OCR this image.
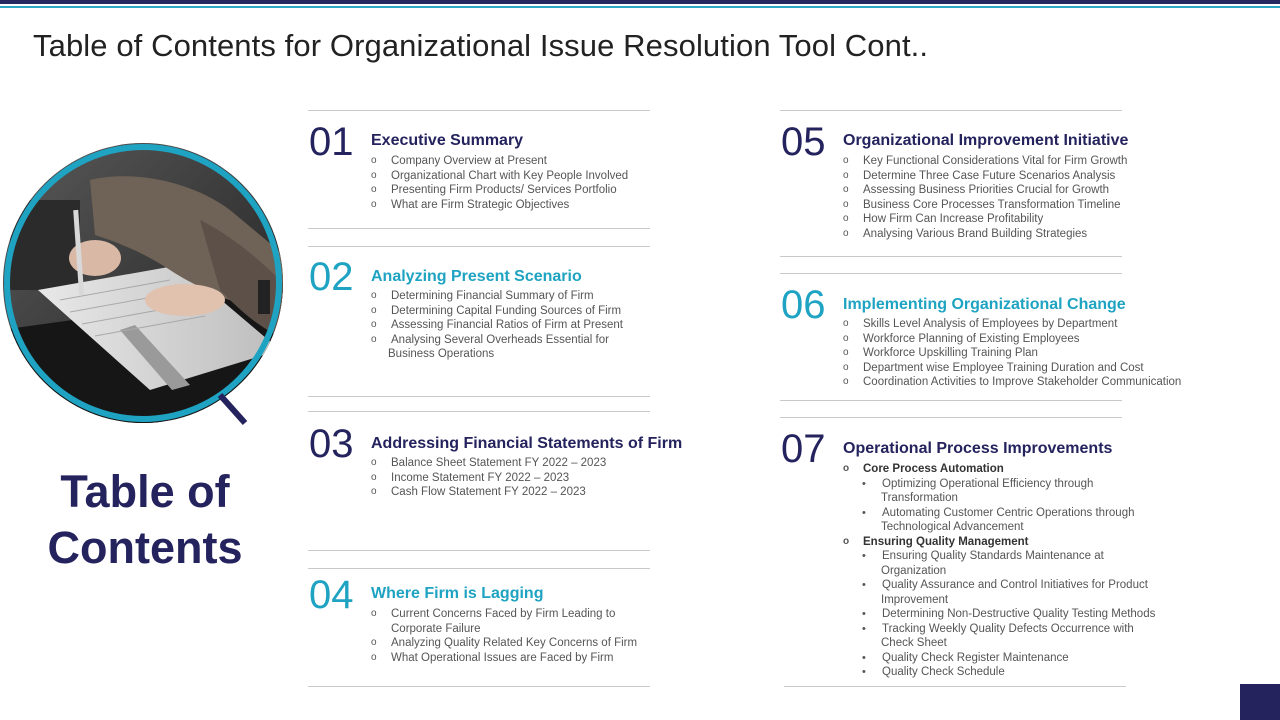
Table of Contents for Organizational Issue Resolution Tool Cont..
Table of
Contents
01 Executive Summary
o Company Overview at Present
o Organizational Chart with Key People Involved
o Presenting Firm Products/ Services Portfolio
o What are Firm Strategic Objectives
02 Analyzing Present Scenario
o Determining Financial Summary of Firm
o Determining Capital Funding Sources of Firm
o Assessing Financial Ratios of Firm at Present
o Analysing Several Overheads Essential for
Business Operations
03 Addressing Financial Statements of Firm
o Balance Sheet Statement FY 2022 – 2023
o Income Statement FY 2022 – 2023
o Cash Flow Statement FY 2022 – 2023
04 Where Firm is Lagging
o Current Concerns Faced by Firm Leading to
Corporate Failure
o Analyzing Quality Related Key Concerns of Firm
o What Operational Issues are Faced by Firm
05 Organizational Improvement Initiative
o Key Functional Considerations Vital for Firm Growth
o Determine Three Case Future Scenarios Analysis
o Assessing Business Priorities Crucial for Growth
o Business Core Processes Transformation Timeline
o How Firm Can Increase Profitability
o Analysing Various Brand Building Strategies
06 Implementing Organizational Change
o Skills Level Analysis of Employees by Department
o Workforce Planning of Existing Employees
o Workforce Upskilling Training Plan
o Department wise Employee Training Duration and Cost
o Coordination Activities to Improve Stakeholder Communication
07 Operational Process Improvements
o Core Process Automation
• Optimizing Operational Efficiency through
Transformation
• Automating Customer Centric Operations through
Technological Advancement
o Ensuring Quality Management
• Ensuring Quality Standards Maintenance at
Organization
• Quality Assurance and Control Initiatives for Product
Improvement
• Determining Non-Destructive Quality Testing Methods
• Tracking Weekly Quality Defects Occurrence with
Check Sheet
• Quality Check Register Maintenance
• Quality Check Schedule
